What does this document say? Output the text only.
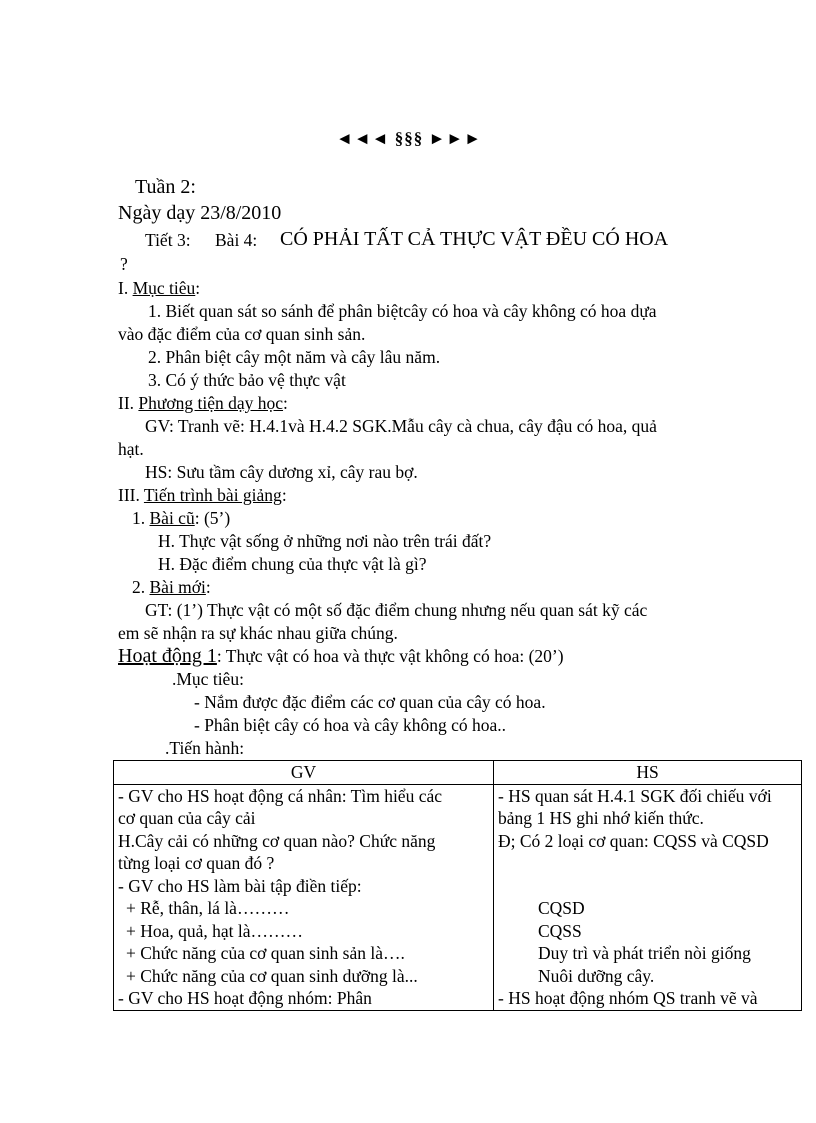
◄◄◄ §§§ ►►►
Tuần 2:
Ngày dạy 23/8/2010
Tiết 3: Bài 4: CÓ PHẢI TẤT CẢ THỰC VẬT ĐỀU CÓ HOA
?
I. Mục tiêu:
1. Biết quan sát so sánh để phân biệtcây có hoa và cây không có hoa dựa
vào đặc điểm của cơ quan sinh sản.
2. Phân biệt cây một năm và cây lâu năm.
3. Có ý thức bảo vệ thực vật
II. Phương tiện dạy học:
GV: Tranh vẽ: H.4.1và H.4.2 SGK.Mẫu cây cà chua, cây đậu có hoa, quả
hạt.
HS: Sưu tầm cây dương xỉ, cây rau bợ.
III. Tiến trình bài giảng:
1. Bài cũ: (5’)
H. Thực vật sống ở những nơi nào trên trái đất?
H. Đặc điểm chung của thực vật là gì?
2. Bài mới:
GT: (1’) Thực vật có một số đặc điểm chung nhưng nếu quan sát kỹ các
em sẽ nhận ra sự khác nhau giữa chúng.
Hoạt động 1: Thực vật có hoa và thực vật không có hoa: (20’)
.Mục tiêu:
- Nắm được đặc điểm các cơ quan của cây có hoa.
- Phân biệt cây có hoa và cây không có hoa..
.Tiến hành:
GV	HS
- GV cho HS hoạt động cá nhân: Tìm hiểu các	- HS quan sát H.4.1 SGK đối chiếu với
cơ quan của cây cải	bảng 1 HS ghi nhớ kiến thức.
H.Cây cải có những cơ quan nào? Chức năng	Đ; Có 2 loại cơ quan: CQSS và CQSD
từng loại cơ quan đó ?	
- GV cho HS làm bài tập điền tiếp:	
+ Rễ, thân, lá là………	CQSD
+ Hoa, quả, hạt là………	CQSS
+ Chức năng của cơ quan sinh sản là….	Duy trì và phát triển nòi giống
+ Chức năng của cơ quan sinh dưỡng là...	Nuôi dưỡng cây.
- GV cho HS hoạt động nhóm: Phân	- HS hoạt động nhóm QS tranh vẽ và
